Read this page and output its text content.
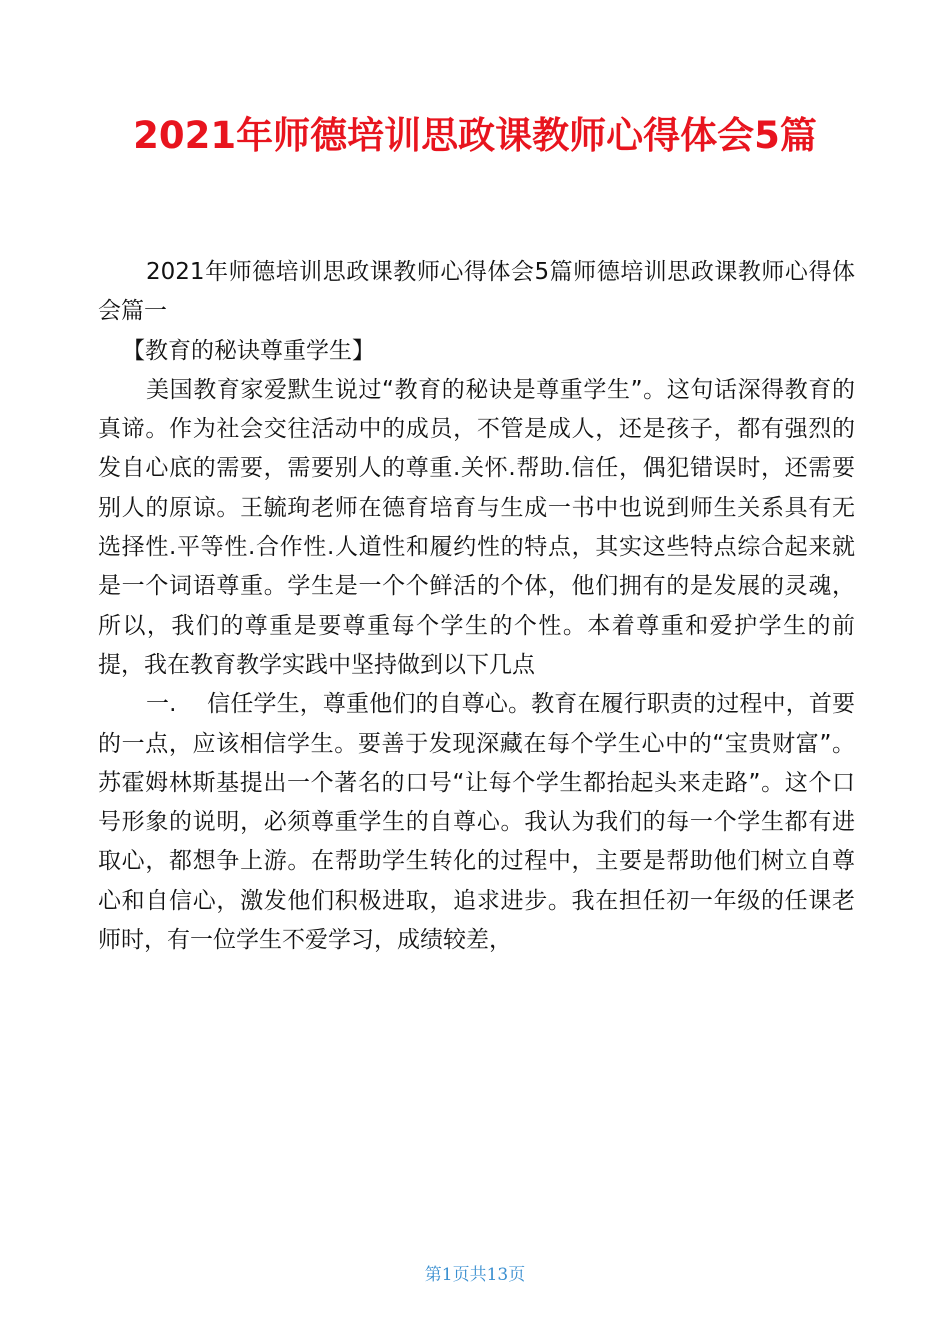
2021年师德培训思政课教师心得体会5篇

2021年师德培训思政课教师心得体会5篇师德培训思政课教师心得体会篇一

【教育的秘诀尊重学生】

美国教育家爱默生说过“教育的秘诀是尊重学生”。这句话深得教育的真谛。作为社会交往活动中的成员，不管是成人，还是孩子，都有强烈的发自心底的需要，需要别人的尊重.关怀.帮助.信任，偶犯错误时，还需要别人的原谅。王毓珣老师在德育培育与生成一书中也说到师生关系具有无选择性.平等性.合作性.人道性和履约性的特点，其实这些特点综合起来就是一个词语尊重。学生是一个个鲜活的个体，他们拥有的是发展的灵魂，所以，我们的尊重是要尊重每个学生的个性。本着尊重和爱护学生的前提，我在教育教学实践中坚持做到以下几点

一.　 信任学生，尊重他们的自尊心。教育在履行职责的过程中，首要的一点，应该相信学生。要善于发现深藏在每个学生心中的“宝贵财富”。苏霍姆林斯基提出一个著名的口号“让每个学生都抬起头来走路”。这个口号形象的说明，必须尊重学生的自尊心。我认为我们的每一个学生都有进取心，都想争上游。在帮助学生转化的过程中，主要是帮助他们树立自尊心和自信心，激发他们积极进取，追求进步。我在担任初一年级的任课老师时，有一位学生不爱学习，成绩较差，

第1页共13页
